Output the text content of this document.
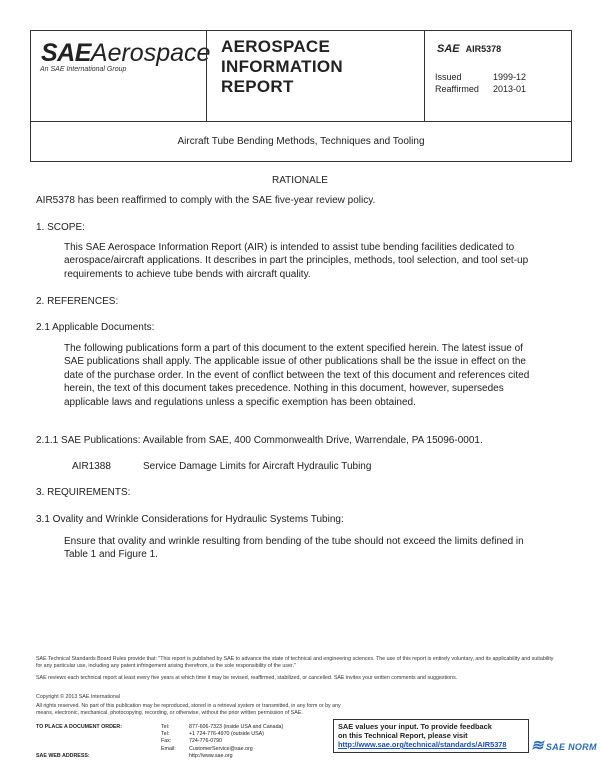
SAEAerospace
An SAE International Group
AEROSPACE
INFORMATION
REPORT
SAE AIR5378
Issued	1999-12
Reaffirmed	2013-01
Aircraft Tube Bending Methods, Techniques and Tooling
RATIONALE
AIR5378 has been reaffirmed to comply with the SAE five-year review policy.
1. SCOPE:
This SAE Aerospace Information Report (AIR) is intended to assist tube bending facilities dedicated to aerospace/aircraft applications. It describes in part the principles, methods, tool selection, and tool set-up requirements to achieve tube bends with aircraft quality.
2. REFERENCES:
2.1 Applicable Documents:
The following publications form a part of this document to the extent specified herein. The latest issue of SAE publications shall apply. The applicable issue of other publications shall be the issue in effect on the date of the purchase order. In the event of conflict between the text of this document and references cited herein, the text of this document takes precedence. Nothing in this document, however, supersedes applicable laws and regulations unless a specific exemption has been obtained.
2.1.1 SAE Publications: Available from SAE, 400 Commonwealth Drive, Warrendale, PA 15096-0001.
AIR1388	Service Damage Limits for Aircraft Hydraulic Tubing
3. REQUIREMENTS:
3.1 Ovality and Wrinkle Considerations for Hydraulic Systems Tubing:
Ensure that ovality and wrinkle resulting from bending of the tube should not exceed the limits defined in Table 1 and Figure 1.
SAE Technical Standards Board Rules provide that: "This report is published by SAE to advance the state of technical and engineering sciences. The use of this report is entirely voluntary, and its applicability and suitability for any particular use, including any patent infringement arising therefrom, is the sole responsibility of the user."
SAE reviews each technical report at least every five years at which time it may be revised, reaffirmed, stabilized, or cancelled. SAE invites your written comments and suggestions.
Copyright © 2013 SAE International
All rights reserved. No part of this publication may be reproduced, stored in a retrieval system or transmitted, in any form or by any means, electronic, mechanical, photocopying, recording, or otherwise, without the prior written permission of SAE.
TO PLACE A DOCUMENT ORDER:	Tel:	877-606-7323 (inside USA and Canada)
Tel:	+1 724-776-4970 (outside USA)
Fax:	724-776-0790
Email:	CustomerService@sae.org
SAE WEB ADDRESS:	http://www.sae.org
SAE values your input. To provide feedback
on this Technical Report, please visit
http://www.sae.org/technical/standards/AIR5378	≋ SAE NORM
